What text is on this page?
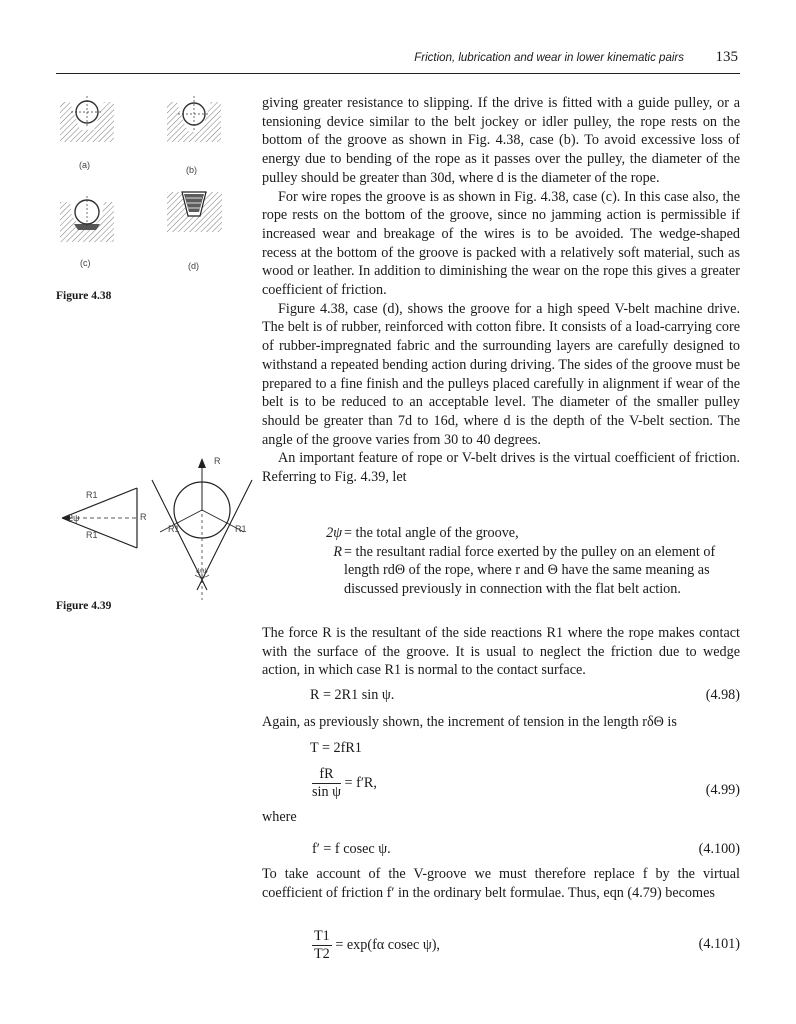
Friction, lubrication and wear in lower kinematic pairs 135
(a)	(b)
(c)	(d)
Figure 4.38
R1
R1
R
2ψ
R
R1	R1
ψ|ψ
Figure 4.39

giving greater resistance to slipping. If the drive is fitted with a guide pulley, or a tensioning device similar to the belt jockey or idler pulley, the rope rests on the bottom of the groove as shown in Fig. 4.38, case (b). To avoid excessive loss of energy due to bending of the rope as it passes over the pulley, the diameter of the pulley should be greater than 30d, where d is the diameter of the rope.

For wire ropes the groove is as shown in Fig. 4.38, case (c). In this case also, the rope rests on the bottom of the groove, since no jamming action is permissible if increased wear and breakage of the wires is to be avoided. The wedge-shaped recess at the bottom of the groove is packed with a relatively soft material, such as wood or leather. In addition to diminishing the wear on the rope this gives a greater coefficient of friction.

Figure 4.38, case (d), shows the groove for a high speed V-belt machine drive. The belt is of rubber, reinforced with cotton fibre. It consists of a load-carrying core of rubber-impregnated fabric and the surrounding layers are carefully designed to withstand a repeated bending action during driving. The sides of the groove must be prepared to a fine finish and the pulleys placed carefully in alignment if wear of the belt is to be reduced to an acceptable level. The diameter of the smaller pulley should be greater than 7d to 16d, where d is the depth of the V-belt section. The angle of the groove varies from 30 to 40 degrees.

An important feature of rope or V-belt drives is the virtual coefficient of friction. Referring to Fig. 4.39, let

2ψ = the total angle of the groove,
R = the resultant radial force exerted by the pulley on an element of length rdΘ of the rope, where r and Θ have the same meaning as discussed previously in connection with the flat belt action.

The force R is the resultant of the side reactions R1 where the rope makes contact with the surface of the groove. It is usual to neglect the friction due to wedge action, in which case R1 is normal to the contact surface.

R = 2R1 sin ψ.	(4.98)

Again, as previously shown, the increment of tension in the length rδΘ is

T = 2fR1
$\frac{fR}{\text{sin ψ}} = f'R$,	(4.99)
where
f′ = f cosec ψ.	(4.100)

To take account of the V-groove we must therefore replace f by the virtual coefficient of friction f′ in the ordinary belt formulae. Thus, eqn (4.79) becomes

$\frac{T1}{T2} = \exp(f\alpha$ cosec ψ),	(4.101)
